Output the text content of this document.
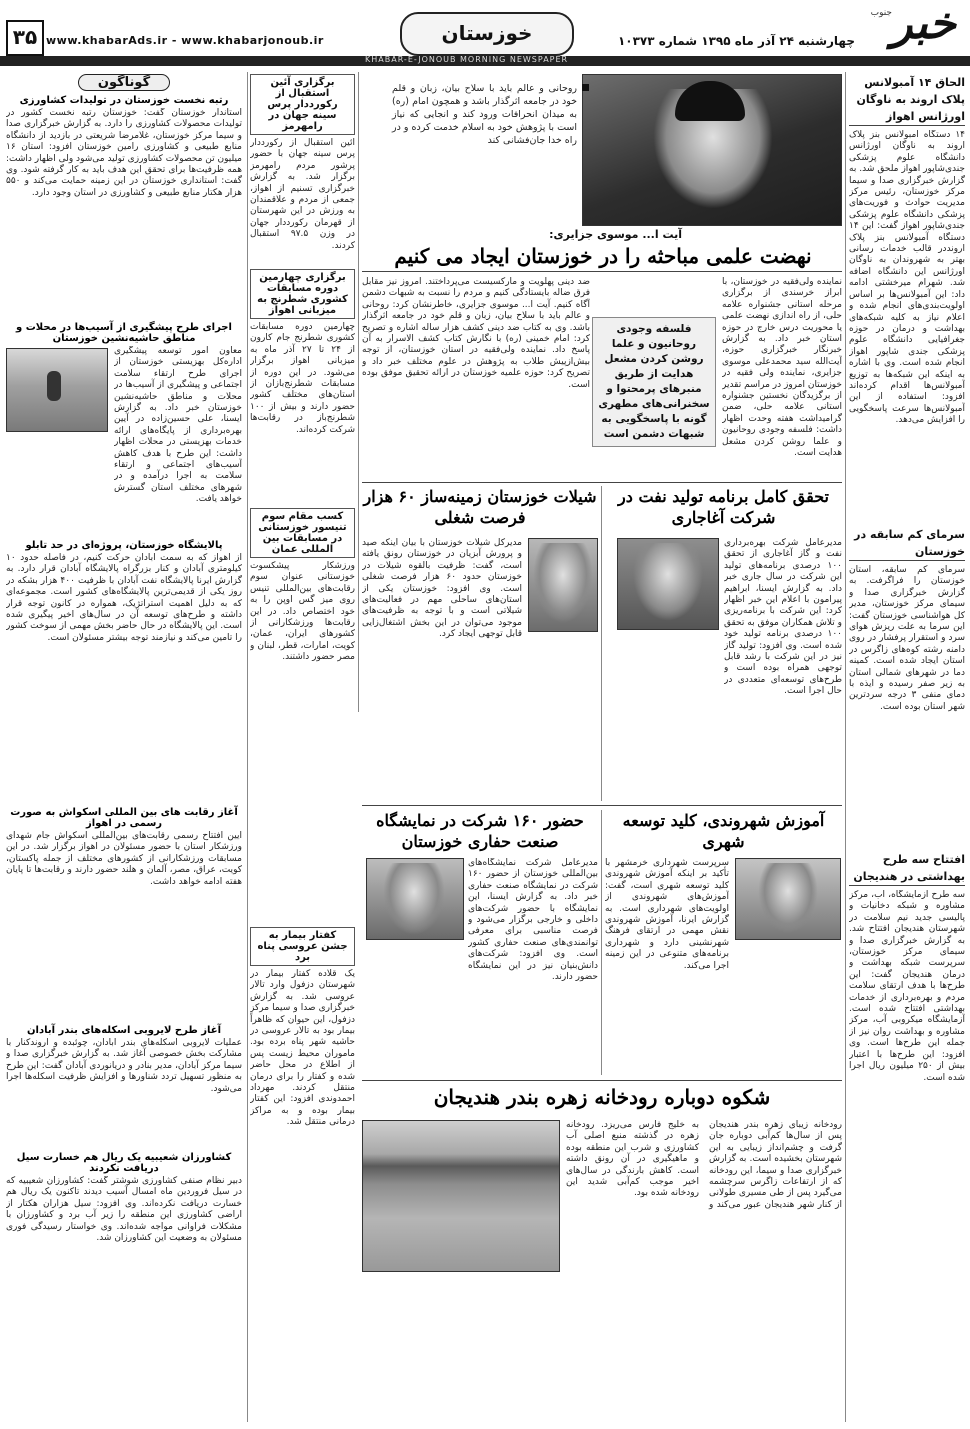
خبر
جنوب
چهارشنبه ۲۴ آذر ماه ۱۳۹۵ شماره ۱۰۳۷۳
خوزستان
www.khabarAds.ir - www.khabarjonoub.ir
۳۵
KHABAR-E-JONOUB MORNING NEWSPAPER
گوناگون
رتبه نخست خوزستان در تولیدات کشاورزی
استاندار خوزستان گفت: خوزستان رتبه نخست کشور در تولیدات محصولات کشاورزی را دارد. به گزارش خبرگزاری صدا و سیما مرکز خوزستان، غلامرضا شریعتی در بازدید از دانشگاه منابع طبیعی و کشاورزی رامین خوزستان افزود: استان ۱۶ میلیون تن محصولات کشاورزی تولید می‌شود ولی اظهار داشت: همه ظرفیت‌ها برای تحقق این هدف باید به کار گرفته شود. وی گفت: استانداری خوزستان در این زمینه حمایت می‌کند و ۵۵۰ هزار هکتار منابع طبیعی و کشاورزی در استان وجود دارد.
اجرای طرح پیشگیری از آسیب‌ها در محلات و مناطق حاشیه‌نشین خوزستان
معاون امور توسعه پیشگیری اداره‌کل بهزیستی خوزستان از اجرای طرح ارتقاء سلامت اجتماعی و پیشگیری از آسیب‌ها در محلات و مناطق حاشیه‌نشین خوزستان خبر داد. به گزارش ایسنا، علی حسین‌زاده در آیین بهره‌برداری از پایگاه‌های ارائه خدمات بهزیستی در محلات اظهار داشت: این طرح با هدف کاهش آسیب‌های اجتماعی و ارتقاء سلامت به اجرا درآمده و در شهرهای مختلف استان گسترش خواهد یافت.
پالایشگاه خوزستان، پروژه‌ای در حد تابلو
از اهواز که به سمت آبادان حرکت کنیم، در فاصله حدود ۱۰ کیلومتری آبادان و کنار بزرگراه پالایشگاه آبادان قرار دارد. به گزارش ایرنا پالایشگاه نفت آبادان با ظرفیت ۴۰۰ هزار بشکه در روز یکی از قدیمی‌ترین پالایشگاه‌های کشور است. مجموعه‌ای که به دلیل اهمیت استراتژیک، همواره در کانون توجه قرار داشته و طرح‌های توسعه آن در سال‌های اخیر پیگیری شده است. این پالایشگاه در حال حاضر بخش مهمی از سوخت کشور را تامین می‌کند و نیازمند توجه بیشتر مسئولان است.
آغاز رقابت های بین المللی اسکواش به صورت رسمی در اهواز
آیین افتتاح رسمی رقابت‌های بین‌المللی اسکواش جام شهدای ورزشکار استان با حضور مسئولان در اهواز برگزار شد. در این مسابقات ورزشکارانی از کشورهای مختلف از جمله پاکستان، کویت، عراق، مصر، آلمان و هلند حضور دارند و رقابت‌ها تا پایان هفته ادامه خواهد داشت.
آغاز طرح لایروبی اسکله‌های بندر آبادان
عملیات لایروبی اسکله‌های بندر آبادان، چوئبده و اروندکنار با مشارکت بخش خصوصی آغاز شد. به گزارش خبرگزاری صدا و سیما مرکز آبادان، مدیر بنادر و دریانوردی آبادان گفت: این طرح به منظور تسهیل تردد شناورها و افزایش ظرفیت اسکله‌ها اجرا می‌شود.
کشاورزان شعیبیه یک ریال هم خسارت سیل دریافت نکردند
دبیر نظام صنفی کشاورزی شوشتر گفت: کشاورزان شعیبیه که در سیل فروردین ماه امسال آسیب دیدند تاکنون یک ریال هم خسارت دریافت نکرده‌اند. وی افزود: سیل هزاران هکتار از اراضی کشاورزی این منطقه را زیر آب برد و کشاورزان با مشکلات فراوانی مواجه شده‌اند. وی خواستار رسیدگی فوری مسئولان به وضعیت این کشاورزان شد.
برگزاری آئین استقبال از رکورددار پرس سینه جهان در رامهرمز
آئین استقبال از رکورددار پرس سینه جهان با حضور پرشور مردم رامهرمز برگزار شد. به گزارش خبرگزاری تسنیم از اهواز، جمعی از مردم و علاقمندان به ورزش در این شهرستان از قهرمان رکورددار جهان در وزن ۹۷.۵ استقبال کردند.
برگزاری چهارمین دوره مسابقات کشوری شطرنج به میزبانی اهواز
چهارمین دوره مسابقات کشوری شطرنج جام کارون از ۲۴ تا ۲۷ آذر ماه به میزبانی اهواز برگزار می‌شود. در این دوره از مسابقات شطرنج‌بازان از استان‌های مختلف کشور حضور دارند و بیش از ۱۰۰ شطرنج‌باز در رقابت‌ها شرکت کرده‌اند.
کسب مقام سوم تنیسور خوزستانی در مسابقات بین المللی عمان
ورزشکار پیشکسوت خوزستانی عنوان سوم رقابت‌های بین‌المللی تنیس روی میز گس اوپن را به خود اختصاص داد. در این رقابت‌ها ورزشکارانی از کشورهای ایران، عمان، کویت، امارات، قطر، لبنان و مصر حضور داشتند.
کفتار بیمار به جشن عروسی پناه برد
یک قلاده کفتار بیمار در شهرستان دزفول وارد تالار عروسی شد. به گزارش خبرگزاری صدا و سیما مرکز دزفول، این حیوان که ظاهراً بیمار بود به تالار عروسی در حاشیه شهر پناه برده بود. ماموران محیط زیست پس از اطلاع در محل حاضر شده و کفتار را برای درمان منتقل کردند. مهرداد احمدوندی افزود: این کفتار بیمار بوده و به مراکز درمانی منتقل شد.
روحانی و عالم باید با سلاح بیان، زبان و قلم خود در جامعه اثرگذار باشد و همچون امام (ره) به میدان انحرافات ورود کند و انجایی که نیاز است با پژوهش خود به اسلام خدمت کرده و در راه خدا جان‌فشانی کند
آیت ا... موسوی جزایری:
نهضت علمی مباحثه را در خوزستان ایجاد می کنیم
نماینده ولی‌فقیه در خوزستان، با ابراز خرسندی از برگزاری مرحله استانی جشنواره علامه حلی، از راه اندازی نهضت علمی یا محوریت درس خارج در حوزه استان خبر داد. به گزارش خبرنگار خبرگزاری حوزه، آیت‌الله سید محمدعلی موسوی جزایری، نماینده ولی فقیه در خوزستان امروز در مراسم تقدیر از برگزیدگان نخستین جشنواره استانی علامه حلی، ضمن گرامیداشت هفته وحدت اظهار داشت: فلسفه وجودی روحانیون و علما روشن کردن مشعل هدایت است.
فلسفه وجودی روحانیون و علما روشن کردن مشعل هدایت از طریق منبرهای پرمحتوا و سخنرانی‌های مطهری گونه با پاسخگویی به شبهات دشمن است
ضد دینی پهلویت و مارکسیست می‌پرداختند. امروز نیز مقابل فرق ضاله بایستادگی کنیم و مردم را نسبت به شبهات دشمن آگاه کنیم. آیت ا... موسوی جزایری، خاطرنشان کرد: روحانی و عالم باید با سلاح بیان، زبان و قلم خود در جامعه اثرگذار باشد. وی به کتاب ضد دینی کشف هزار ساله اشاره و تصریح کرد: امام خمینی (ره) با نگارش کتاب کشف الاسرار به آن پاسخ داد. نماینده ولی‌فقیه در استان خوزستان، از توجه بیش‌ازپیش طلاب به پژوهش در علوم مختلف خبر داد و تصریح کرد: حوزه علمیه خوزستان در ارائه تحقیق موفق بوده است.
تحقق کامل برنامه تولید نفت در شرکت آغاجاری
مدیرعامل شرکت بهره‌برداری نفت و گاز آغاجاری از تحقق ۱۰۰ درصدی برنامه‌های تولید این شرکت در سال جاری خبر داد. به گزارش ایسنا، ابراهیم پیرامون با اعلام این خبر اظهار کرد: این شرکت با برنامه‌ریزی و تلاش همکاران موفق به تحقق ۱۰۰ درصدی برنامه تولید خود شده است. وی افزود: تولید گاز نیز در این شرکت با رشد قابل توجهی همراه بوده است و طرح‌های توسعه‌ای متعددی در حال اجرا است.
شیلات خوزستان زمینه‌ساز ۶۰ هزار فرصت شغلی
مدیرکل شیلات خوزستان با بیان اینکه صید و پرورش آبزیان در خوزستان رونق یافته است، گفت: ظرفیت بالقوه شیلات در خوزستان حدود ۶۰ هزار فرصت شغلی است. وی افزود: خوزستان یکی از استان‌های ساحلی مهم در فعالیت‌های شیلاتی است و با توجه به ظرفیت‌های موجود می‌توان در این بخش اشتغال‌زایی قابل توجهی ایجاد کرد.
آموزش شهروندی، کلید توسعه شهری
سرپرست شهرداری خرمشهر با تأکید بر اینکه آموزش شهروندی کلید توسعه شهری است، گفت: آموزش‌های شهروندی از اولویت‌های شهرداری است. به گزارش ایرنا، آموزش شهروندی نقش مهمی در ارتقای فرهنگ شهرنشینی دارد و شهرداری برنامه‌های متنوعی در این زمینه اجرا می‌کند.
حضور ۱۶۰ شرکت در نمایشگاه صنعت حفاری خوزستان
مدیرعامل شرکت نمایشگاه‌های بین‌المللی خوزستان از حضور ۱۶۰ شرکت در نمایشگاه صنعت حفاری خبر داد. به گزارش ایسنا، این نمایشگاه با حضور شرکت‌های داخلی و خارجی برگزار می‌شود و فرصت مناسبی برای معرفی توانمندی‌های صنعت حفاری کشور است. وی افزود: شرکت‌های دانش‌بنیان نیز در این نمایشگاه حضور دارند.
شکوه دوباره رودخانه زهره بندر هندیجان
رودخانه زیبای زهره بندر هندیجان پس از سال‌ها کم‌آبی دوباره جان گرفت و چشم‌انداز زیبایی به این شهرستان بخشیده است. به گزارش خبرگزاری صدا و سیما، این رودخانه که از ارتفاعات زاگرس سرچشمه می‌گیرد پس از طی مسیری طولانی از کنار شهر هندیجان عبور می‌کند و به خلیج فارس می‌ریزد. رودخانه زهره در گذشته منبع اصلی آب کشاورزی و شرب این منطقه بوده و ماهیگیری در آن رونق داشته است. کاهش بارندگی در سال‌های اخیر موجب کم‌آبی شدید این رودخانه شده بود.
الحاق ۱۴ آمبولانس پلاک اروند به ناوگان اورژانس اهواز
۱۴ دستگاه آمبولانس بنز پلاک اروند به ناوگان اورژانس دانشگاه علوم پزشکی جندی‌شاپور اهواز ملحق شد. به گزارش خبرگزاری صدا و سیما مرکز خوزستان، رئیس مرکز مدیریت حوادث و فوریت‌های پزشکی دانشگاه علوم پزشکی جندی‌شاپور اهواز گفت: این ۱۴ دستگاه آمبولانس بنز پلاک ارونددر قالب خدمات رسانی بهتر به شهروندان به ناوگان اورژانس این دانشگاه اضافه شد. شهرام میرخشتی ادامه داد: این آمبولانس‌ها بر اساس اولویت‌بندی‌های انجام شده و اعلام نیاز به کلیه شبکه‌های بهداشت و درمان در حوزه جغرافیایی دانشگاه علوم پزشکی جندی شاپور اهواز انجام شده است. وی با اشاره به اینکه این شبکه‌ها به توزیع آمبولانس‌ها اقدام کرده‌اند افزود: استفاده از این آمبولانس‌ها سرعت پاسخگویی را افزایش می‌دهد.
سرمای کم سابقه در خوزستان
سرمای کم سابقه، استان خوزستان را فراگرفت. به گزارش خبرگزاری صدا و سیمای مرکز خوزستان، مدیر کل هواشناسی خوزستان گفت: این سرما به علت ریزش هوای سرد و استقرار پرفشار در روی دامنه رشته کوه‌های زاگرس در استان ایجاد شده است. کمینه دما در شهرهای شمالی استان به زیر صفر رسیده و ایذه با دمای منفی ۳ درجه سردترین شهر استان بوده است.
افتتاح سه طرح بهداشتی در هندیجان
سه طرح آزمایشگاه، آب، مرکز مشاوره و شبکه دخانیات و پالیسی جدید نیم سلامت در شهرستان هندیجان افتتاح شد. به گزارش خبرگزاری صدا و سیمای مرکز خوزستان، سرپرست شبکه بهداشت و درمان هندیجان گفت: این طرح‌ها با هدف ارتقای سلامت مردم و بهره‌برداری از خدمات بهداشتی افتتاح شده است. آزمایشگاه میکروبی آب، مرکز مشاوره و بهداشت روان نیز از جمله این طرح‌ها است. وی افزود: این طرح‌ها با اعتبار بیش از ۲۵۰ میلیون ریال اجرا شده است.
